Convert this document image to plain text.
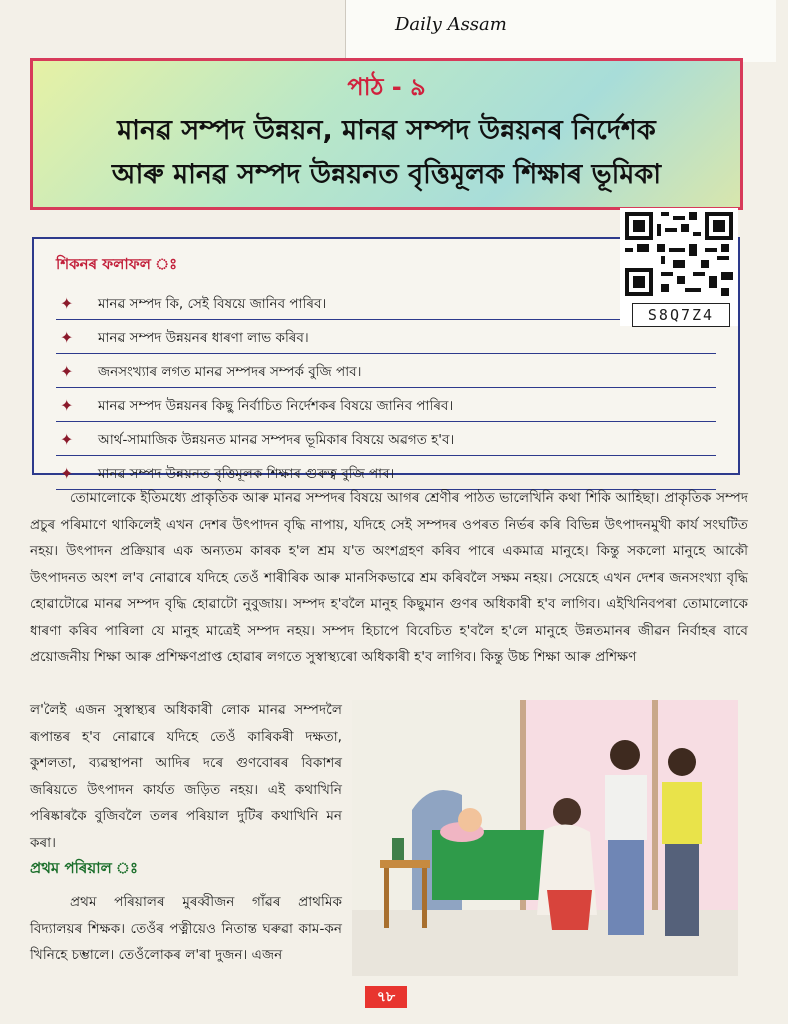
Daily Assam
পাঠ - ৯
মানৱ সম্পদ উন্নয়ন, মানৱ সম্পদ উন্নয়নৰ নিৰ্দেশক
আৰু মানৱ সম্পদ উন্নয়নত বৃত্তিমূলক শিক্ষাৰ ভূমিকা
শিকনৰ ফলাফল ঃ
✦ মানৱ সম্পদ কি, সেই বিষয়ে জানিব পাৰিব।
✦ মানৱ সম্পদ উন্নয়নৰ ধাৰণা লাভ কৰিব।
✦ জনসংখ্যাৰ লগত মানৱ সম্পদৰ সম্পৰ্ক বুজি পাব।
✦ মানৱ সম্পদ উন্নয়নৰ কিছু নিৰ্বাচিত নিৰ্দেশকৰ বিষয়ে জানিব পাৰিব।
✦ আৰ্থ-সামাজিক উন্নয়নত মানৱ সম্পদৰ ভূমিকাৰ বিষয়ে অৱগত হ'ব।
✦ মানৱ সম্পদ উন্নয়নত বৃত্তিমূলক শিক্ষাৰ গুৰুত্ব বুজি পাব।
S8Q7Z4
তোমালোকে ইতিমধ্যে প্ৰাকৃতিক আৰু মানৱ সম্পদৰ বিষয়ে আগৰ শ্ৰেণীৰ পাঠত ভালেখিনি কথা শিকি আহিছা। প্ৰাকৃতিক সম্পদ প্ৰচুৰ পৰিমাণে থাকিলেই এখন দেশৰ উৎপাদন বৃদ্ধি নাপায়, যদিহে সেই সম্পদৰ ওপৰত নিৰ্ভৰ কৰি বিভিন্ন উৎপাদনমুখী কাৰ্য সংঘটিত নহয়। উৎপাদন প্ৰক্ৰিয়াৰ এক অন্যতম কাৰক হ'ল শ্ৰম য'ত অংশগ্ৰহণ কৰিব পাৰে একমাত্ৰ মানুহে। কিন্তু সকলো মানুহে আকৌ উৎপাদনত অংশ ল'ব নোৱাৰে যদিহে তেওঁ শাৰীৰিক আৰু মানসিকভাৱে শ্ৰম কৰিবলৈ সক্ষম নহয়। সেয়েহে এখন দেশৰ জনসংখ্যা বৃদ্ধি হোৱাটোৱে মানৱ সম্পদ বৃদ্ধি হোৱাটো নুবুজায়। সম্পদ হ'বলৈ মানুহ কিছুমান গুণৰ অধিকাৰী হ'ব লাগিব। এইখিনিবপৰা তোমালোকে ধাৰণা কৰিব পাৰিলা যে মানুহ মাত্ৰেই সম্পদ নহয়। সম্পদ হিচাপে বিবেচিত হ'বলৈ হ'লে মানুহে উন্নতমানৰ জীৱন নিৰ্বাহৰ বাবে প্ৰয়োজনীয় শিক্ষা আৰু প্ৰশিক্ষণপ্ৰাপ্ত হোৱাৰ লগতে সুস্বাস্থ্যৰো অধিকাৰী হ'ব লাগিব। কিন্তু উচ্চ শিক্ষা আৰু প্ৰশিক্ষণ
ল'লৈই এজন সুস্বাস্থ্যৰ অধিকাৰী লোক মানৱ সম্পদলৈ ৰূপান্তৰ হ'ব নোৱাৰে যদিহে তেওঁ কাৰিকৰী দক্ষতা, কুশলতা, ব্যৱস্থাপনা আদিৰ দৰে গুণবোৰৰ বিকাশৰ জৰিয়তে উৎপাদন কাৰ্যত জড়িত নহয়। এই কথাখিনি পৰিষ্কাৰকৈ বুজিবলৈ তলৰ পৰিয়াল দুটিৰ কথাখিনি মন কৰা।
প্ৰথম পৰিয়াল ঃ
প্ৰথম পৰিয়ালৰ মুৰব্বীজন গাঁৱৰ প্ৰাথমিক বিদ্যালয়ৰ শিক্ষক। তেওঁৰ পত্নীয়েও নিতান্ত ঘৰুৱা কাম-কন খিনিহে চম্ভালে। তেওঁলোকৰ ল'ৰা দুজন। এজন
৭৮
